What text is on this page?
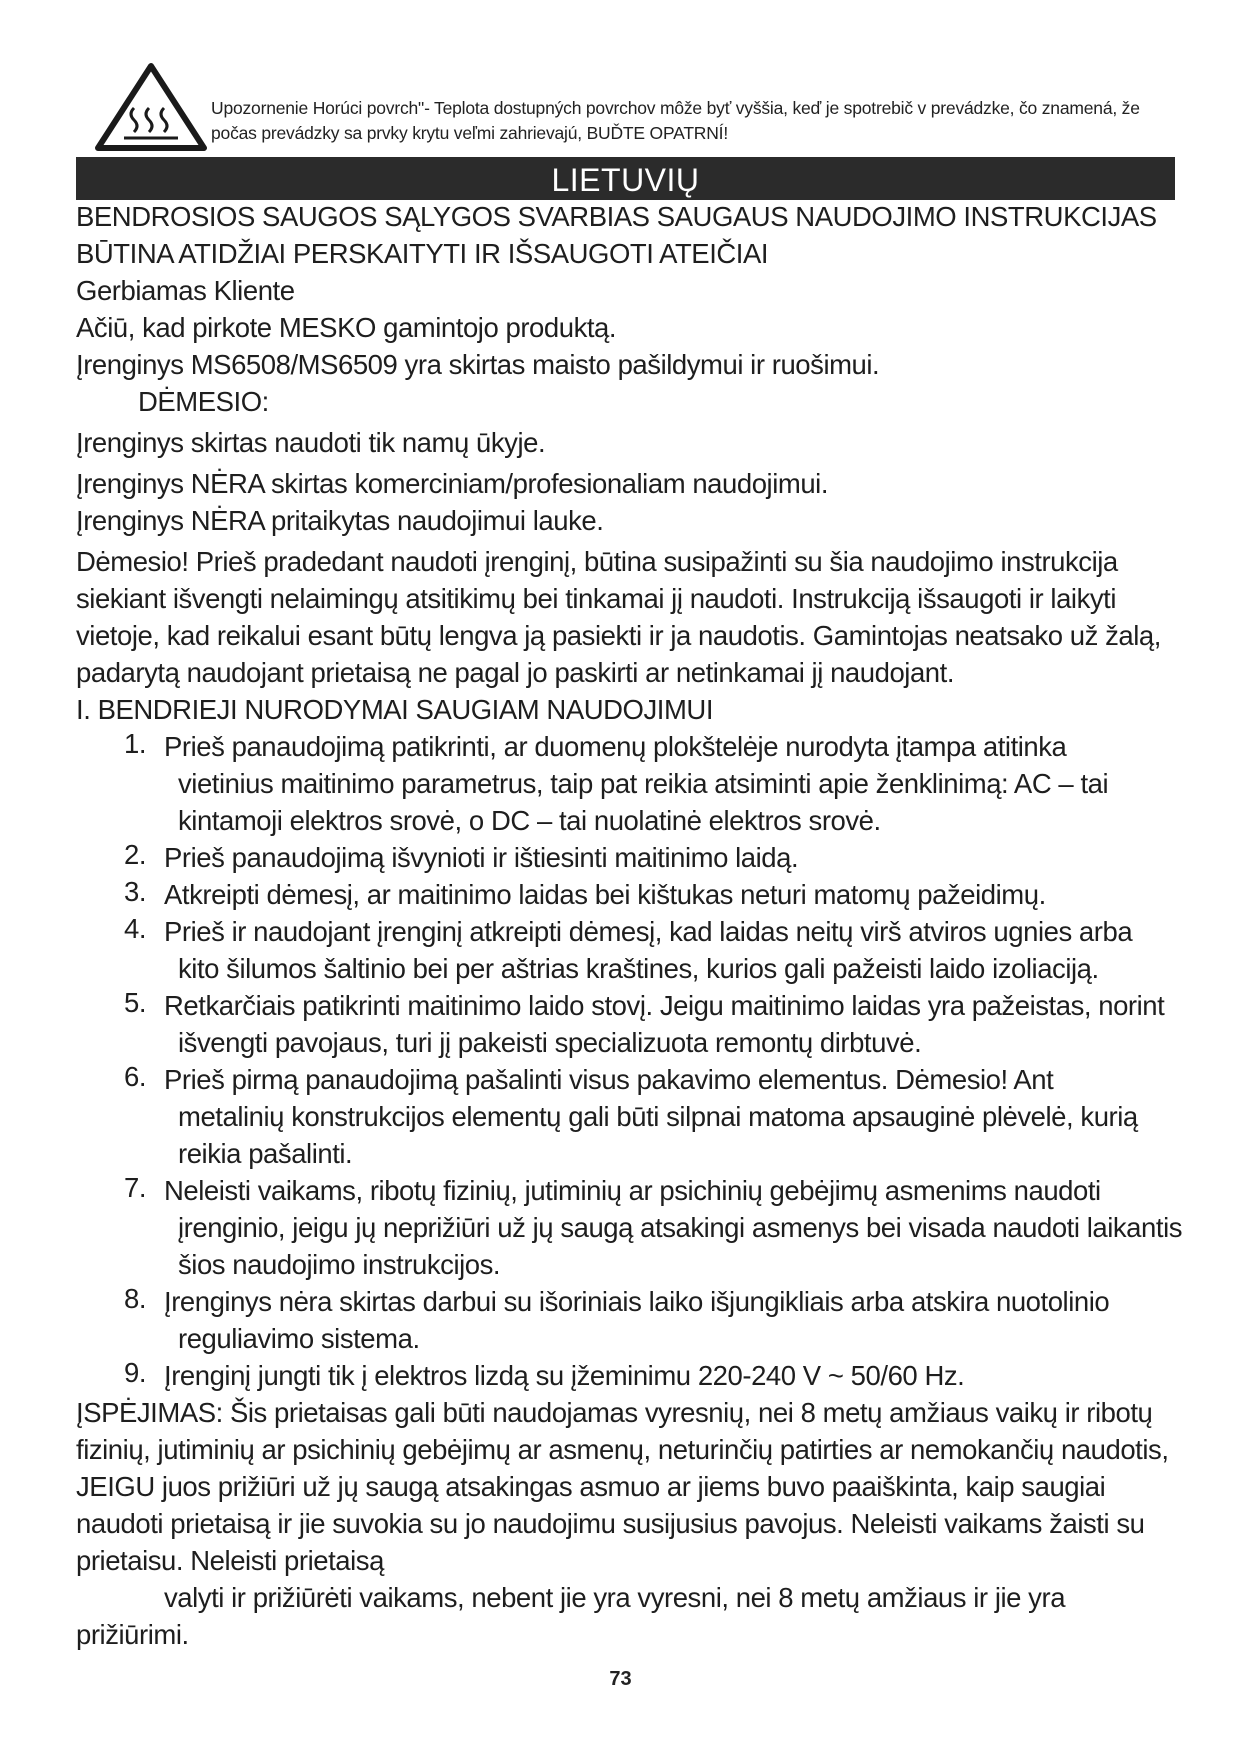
Upozornenie Horúci povrch"- Teplota dostupných povrchov môže byť vyššia, keď je spotrebič v prevádzke, čo znamená, že
počas prevádzky sa prvky krytu veľmi zahrievajú, BUĎTE OPATRNÍ!
LIETUVIŲ
BENDROSIOS SAUGOS SĄLYGOS SVARBIAS SAUGAUS NAUDOJIMO INSTRUKCIJAS
BŪTINA ATIDŽIAI PERSKAITYTI IR IŠSAUGOTI ATEIČIAI
Gerbiamas Kliente
Ačiū, kad pirkote MESKO gamintojo produktą.
Įrenginys MS6508/MS6509 yra skirtas maisto pašildymui ir ruošimui.
DĖMESIO:
Įrenginys skirtas naudoti tik namų ūkyje.
Įrenginys NĖRA skirtas komerciniam/profesionaliam naudojimui.
Įrenginys NĖRA pritaikytas naudojimui lauke.
Dėmesio! Prieš pradedant naudoti įrenginį, būtina susipažinti su šia naudojimo instrukcija
siekiant išvengti nelaimingų atsitikimų bei tinkamai jį naudoti. Instrukciją išsaugoti ir laikyti
vietoje, kad reikalui esant būtų lengva ją pasiekti ir ja naudotis. Gamintojas neatsako už žalą,
padarytą naudojant prietaisą ne pagal jo paskirti ar netinkamai jį naudojant.
I. BENDRIEJI NURODYMAI SAUGIAM NAUDOJIMUI
1. Prieš panaudojimą patikrinti, ar duomenų plokštelėje nurodyta įtampa atitinka
vietinius maitinimo parametrus, taip pat reikia atsiminti apie ženklinimą: AC – tai
kintamoji elektros srovė, o DC – tai nuolatinė elektros srovė.
2. Prieš panaudojimą išvynioti ir ištiesinti maitinimo laidą.
3. Atkreipti dėmesį, ar maitinimo laidas bei kištukas neturi matomų pažeidimų.
4. Prieš ir naudojant įrenginį atkreipti dėmesį, kad laidas neitų virš atviros ugnies arba
kito šilumos šaltinio bei per aštrias kraštines, kurios gali pažeisti laido izoliaciją.
5. Retkarčiais patikrinti maitinimo laido stovį. Jeigu maitinimo laidas yra pažeistas, norint
išvengti pavojaus, turi jį pakeisti specializuota remontų dirbtuvė.
6. Prieš pirmą panaudojimą pašalinti visus pakavimo elementus. Dėmesio! Ant
metalinių konstrukcijos elementų gali būti silpnai matoma apsauginė plėvelė, kurią
reikia pašalinti.
7. Neleisti vaikams, ribotų fizinių, jutiminių ar psichinių gebėjimų asmenims naudoti
įrenginio, jeigu jų neprižiūri už jų saugą atsakingi asmenys bei visada naudoti laikantis
šios naudojimo instrukcijos.
8. Įrenginys nėra skirtas darbui su išoriniais laiko išjungikliais arba atskira nuotolinio
reguliavimo sistema.
9. Įrenginį jungti tik į elektros lizdą su įžeminimu 220-240 V ~ 50/60 Hz.
ĮSPĖJIMAS: Šis prietaisas gali būti naudojamas vyresnių, nei 8 metų amžiaus vaikų ir ribotų
fizinių, jutiminių ar psichinių gebėjimų ar asmenų, neturinčių patirties ar nemokančių naudotis,
JEIGU juos prižiūri už jų saugą atsakingas asmuo ar jiems buvo paaiškinta, kaip saugiai
naudoti prietaisą ir jie suvokia su jo naudojimu susijusius pavojus. Neleisti vaikams žaisti su
prietaisu. Neleisti prietaisą
valyti ir prižiūrėti vaikams, nebent jie yra vyresni, nei 8 metų amžiaus ir jie yra
prižiūrimi.
73
